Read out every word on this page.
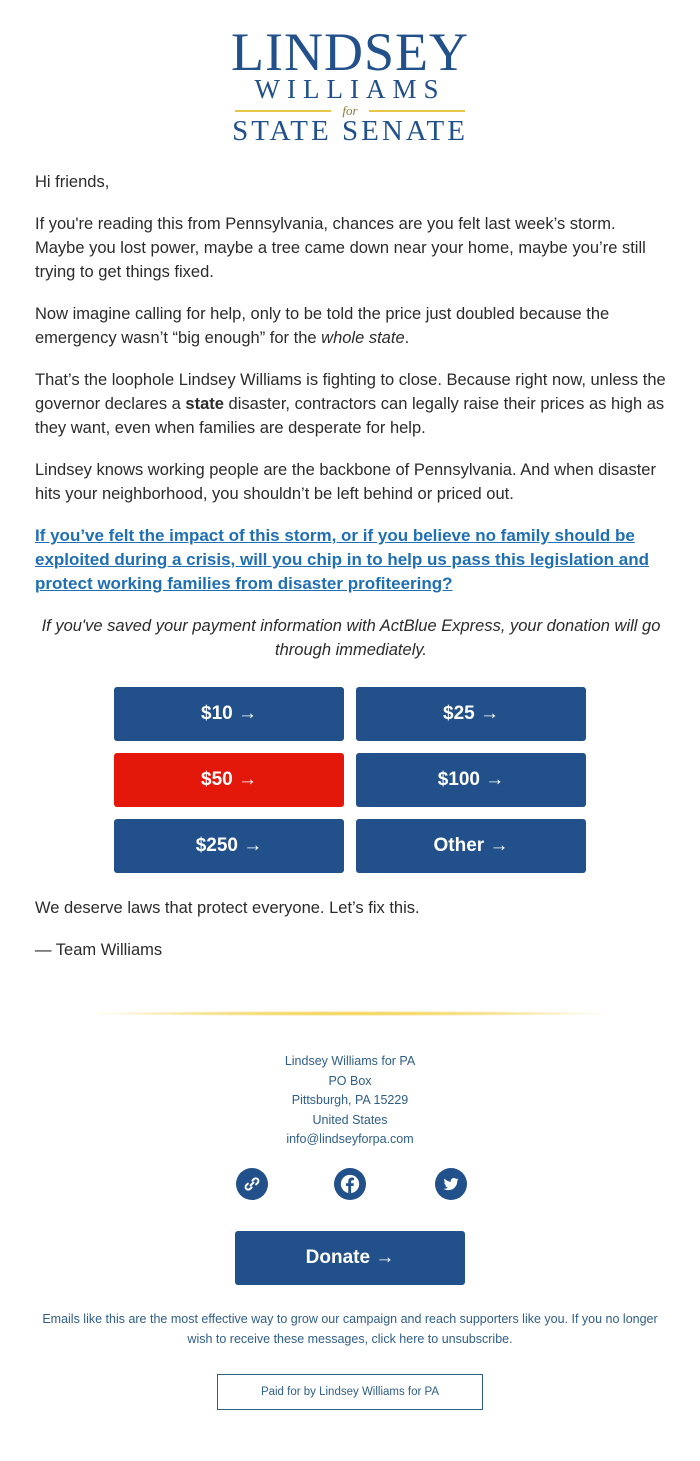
LINDSEY
WILLIAMS
for
STATE SENATE

Hi friends,

If you're reading this from Pennsylvania, chances are you felt last week’s storm. Maybe you lost power, maybe a tree came down near your home, maybe you’re still trying to get things fixed.

Now imagine calling for help, only to be told the price just doubled because the emergency wasn’t “big enough” for the whole state.

That’s the loophole Lindsey Williams is fighting to close. Because right now, unless the governor declares a state disaster, contractors can legally raise their prices as high as they want, even when families are desperate for help.

Lindsey knows working people are the backbone of Pennsylvania. And when disaster hits your neighborhood, you shouldn’t be left behind or priced out.

If you’ve felt the impact of this storm, or if you believe no family should be exploited during a crisis, will you chip in to help us pass this legislation and protect working families from disaster profiteering?

If you've saved your payment information with ActBlue Express, your donation will go through immediately.

$10 →	$25 →
$50 →	$100 →
$250 →	Other →

We deserve laws that protect everyone. Let’s fix this.

— Team Williams

Lindsey Williams for PA
PO Box
Pittsburgh, PA 15229
United States
info@lindseyforpa.com
Donate →
Emails like this are the most effective way to grow our campaign and reach supporters like you. If you no longer wish to receive these messages, click here to unsubscribe.
Paid for by Lindsey Williams for PA
